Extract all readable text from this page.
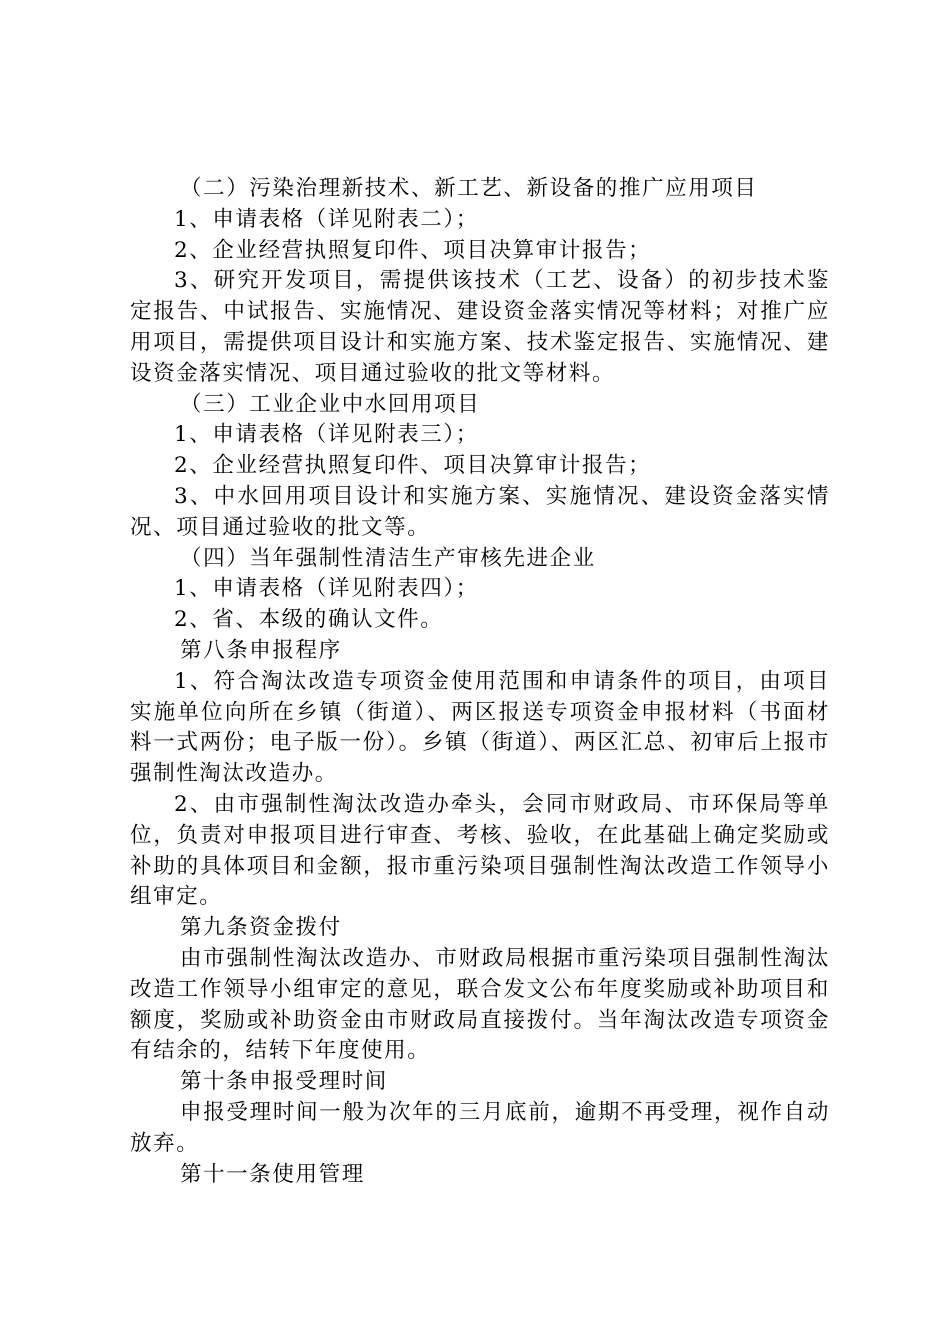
（二）污染治理新技术、新工艺、新设备的推广应用项目

1、申请表格（详见附表二）；

2、企业经营执照复印件、项目决算审计报告；

3、研究开发项目，需提供该技术（工艺、设备）的初步技术鉴定报告、中试报告、实施情况、建设资金落实情况等材料；对推广应用项目，需提供项目设计和实施方案、技术鉴定报告、实施情况、建设资金落实情况、项目通过验收的批文等材料。

（三）工业企业中水回用项目

1、申请表格（详见附表三）；

2、企业经营执照复印件、项目决算审计报告；

3、中水回用项目设计和实施方案、实施情况、建设资金落实情况、项目通过验收的批文等。

（四）当年强制性清洁生产审核先进企业

1、申请表格（详见附表四）；

2、省、本级的确认文件。

第八条申报程序

1、符合淘汰改造专项资金使用范围和申请条件的项目，由项目实施单位向所在乡镇（街道）、两区报送专项资金申报材料（书面材料一式两份；电子版一份）。乡镇（街道）、两区汇总、初审后上报市强制性淘汰改造办。

2、由市强制性淘汰改造办牵头，会同市财政局、市环保局等单位，负责对申报项目进行审查、考核、验收，在此基础上确定奖励或补助的具体项目和金额，报市重污染项目强制性淘汰改造工作领导小组审定。

第九条资金拨付

由市强制性淘汰改造办、市财政局根据市重污染项目强制性淘汰改造工作领导小组审定的意见，联合发文公布年度奖励或补助项目和额度，奖励或补助资金由市财政局直接拨付。当年淘汰改造专项资金有结余的，结转下年度使用。

第十条申报受理时间

申报受理时间一般为次年的三月底前，逾期不再受理，视作自动放弃。

第十一条使用管理
